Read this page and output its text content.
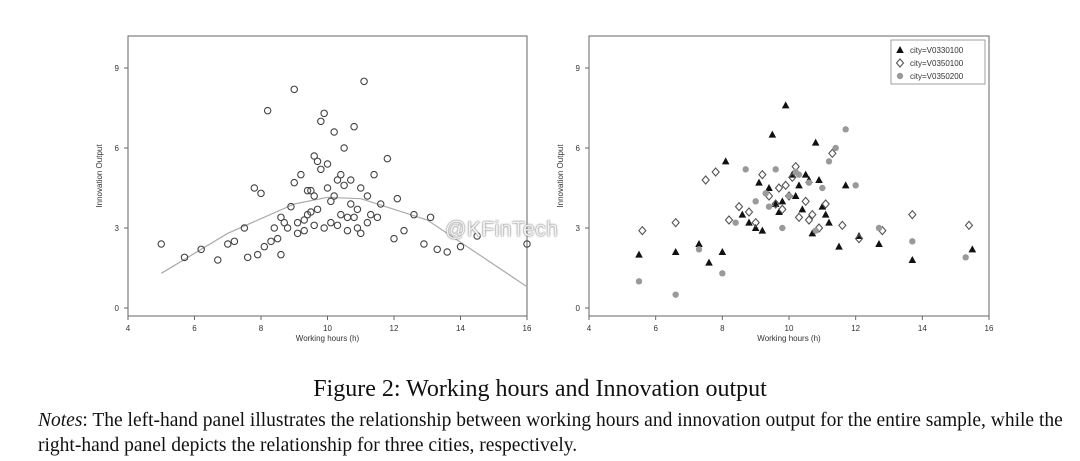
4	6	8	10	12	14	16
0
3
6
9
Working hours (h)
Innovation Output
4	6	8	10	12	14	16
0
3
6
9
Working hours (h)
Innovation Output
city=V0330100
city=V0350100
city=V0350200
@KFinTech
Figure 2: Working hours and Innovation output
Notes: The left-hand panel illustrates the relationship between working hours and innovation output for the entire sample, while the right-hand panel depicts the relationship for three cities, respectively.
